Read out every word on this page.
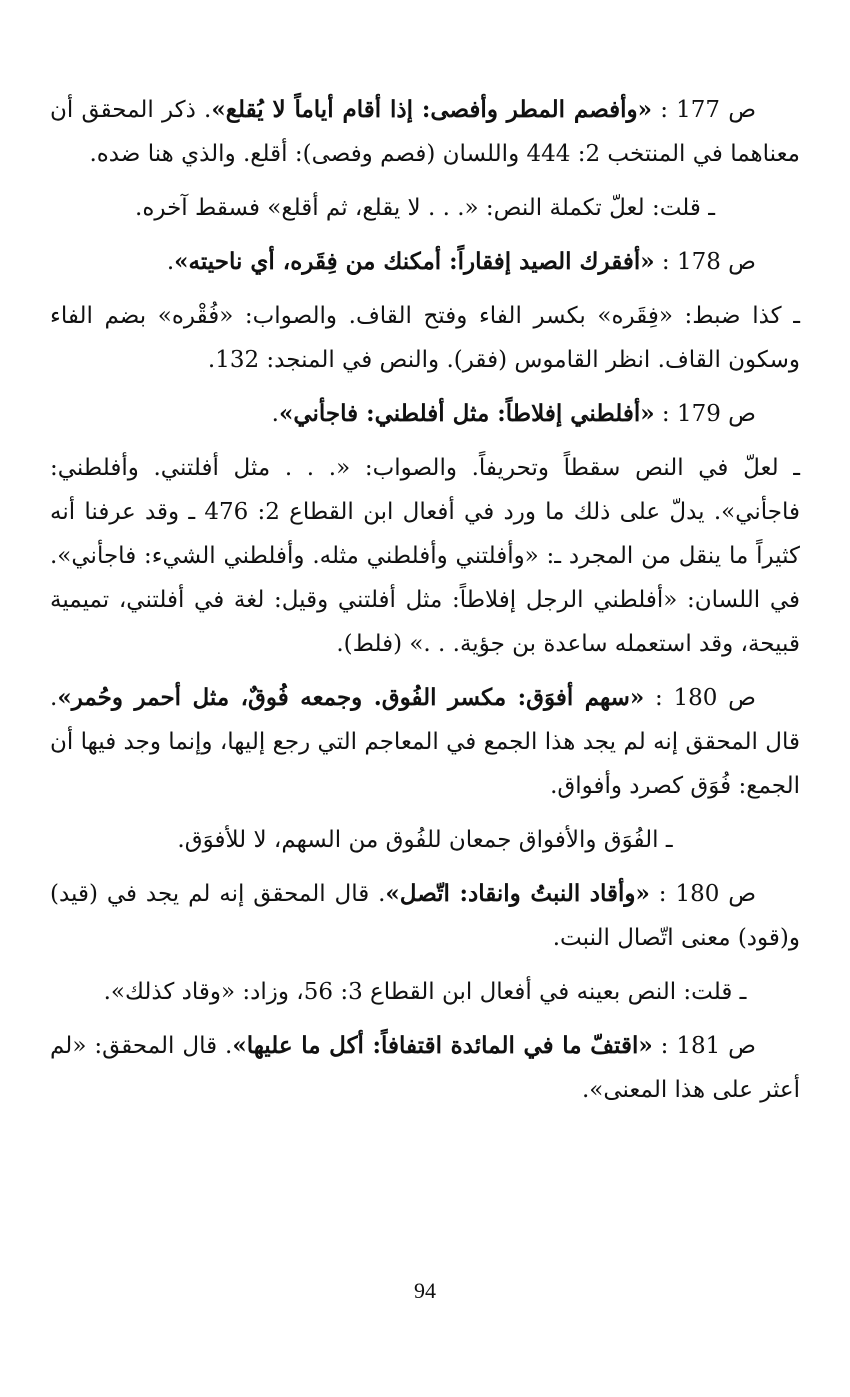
ص 177 : «وأفصم المطر وأفصى: إذا أقام أياماً لا يُقلع». ذكر المحقق أن معناهما في المنتخب 2: 444 واللسان (فصم وفصى): أقلع. والذي هنا ضده.

ـ قلت: لعلّ تكملة النص: «. . . لا يقلع، ثم أقلع» فسقط آخره.

ص 178 : «أفقرك الصيد إفقاراً: أمكنك من فِقَره، أي ناحيته».

ـ كذا ضبط: «فِقَره» بكسر الفاء وفتح القاف. والصواب: «فُقْره» بضم الفاء وسكون القاف. انظر القاموس (فقر). والنص في المنجد: 132.

ص 179 : «أفلطني إفلاطاً: مثل أفلطني: فاجأني».

ـ لعلّ في النص سقطاً وتحريفاً. والصواب: «. . . مثل أفلتني. وأفلطني: فاجأني». يدلّ على ذلك ما ورد في أفعال ابن القطاع 2: 476 ـ وقد عرفنا أنه كثيراً ما ينقل من المجرد ـ: «وأفلتني وأفلطني مثله. وأفلطني الشيء: فاجأني». في اللسان: «أفلطني الرجل إفلاطاً: مثل أفلتني وقيل: لغة في أفلتني، تميمية قبيحة، وقد استعمله ساعدة بن جؤية. . .» (فلط).

ص 180 : «سهم أفوَق: مكسر الفُوق. وجمعه فُوقٌ، مثل أحمر وحُمر». قال المحقق إنه لم يجد هذا الجمع في المعاجم التي رجع إليها، وإنما وجد فيها أن الجمع: فُوَق كصرد وأفواق.

ـ الفُوَق والأفواق جمعان للفُوق من السهم، لا للأفوَق.

ص 180 : «وأقاد النبتُ وانقاد: اتّصل». قال المحقق إنه لم يجد في (قيد) و(قود) معنى اتّصال النبت.

ـ قلت: النص بعينه في أفعال ابن القطاع 3: 56، وزاد: «وقاد كذلك».

ص 181 : «اقتفّ ما في المائدة اقتفافاً: أكل ما عليها». قال المحقق: «لم أعثر على هذا المعنى».

94
